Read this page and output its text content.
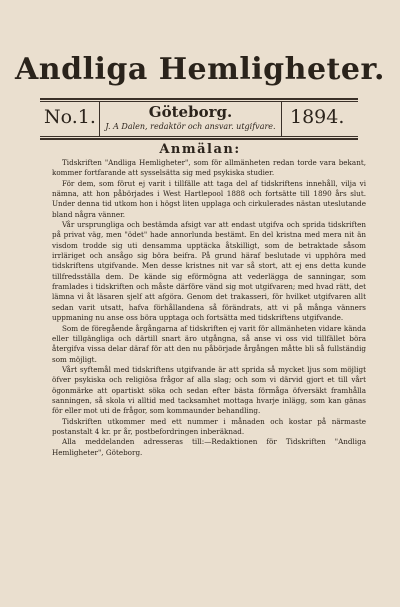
Andliga Hemligheter.
No.1.	Göteborg.
J. A Dalen, redaktör och ansvar. utgifvare. 1894.
Anmälan:

Tidskriften "Andliga Hemligheter", som för allmänheten redan torde vara bekant, kommer fortfarande att sysselsätta sig med psykiska studier.

För dem, som förut ej varit i tillfälle att taga del af tidskriftens innehåll, vilja vi nämna, att hon påbörjades i West Hartlepool 1888 och fortsätte till 1890 års slut. Under denna tid utkom hon i högst liten upplaga och cirkulerades nästan uteslutande bland några vänner.

Vår ursprungliga och bestämda afsigt var att endast utgifva och sprida tidskriften på privat väg, men "ödet" hade annorlunda bestämt. En del kristna med mera nit än visdom trodde sig uti densamma upptäcka åtskilligt, som de betraktade såsom irrläriget och ansågo sig böra beifra. På grund häraf beslutade vi upphöra med tidskriftens utgifvande. Men desse kristnes nit var så stort, att ej ens detta kunde tillfredsställa dem. De kände sig eförmögna att vederlägga de sanningar, som framlades i tidskriften och måste därföre vänd sig mot utgifvaren; med hvad rätt, det lämna vi åt läsaren sjelf att afgöra. Genom det trakasseri, för hvilket utgifvaren allt sedan varit utsatt, hafva förhållandena så förändrats, att vi på många vänners uppmaning nu anse oss böra upptaga och fortsätta med tidskriftens utgifvande.

Som de föregående årgångarna af tidskriften ej varit för allmänheten vidare kända eller tillgängliga och därtill snart äro utgångna, så anse vi oss vid tillfället böra återgifva vissa delar däraf för att den nu påbörjade årgången måtte bli så fullständig som möjligt.

Vårt syftemål med tidskriftens utgifvande är att sprida så mycket ljus som möjligt öfver psykiska och religiösa frågor af alla slag; och som vi därvid gjort et till vårt ögonmärke att opartiskt söka och sedan efter bästa förmåga öfversäkt framhålla sanningen, så skola vi alltid med tacksamhet mottaga hvarje inlägg, som kan gänas för eller mot uti de frågor, som kommaunder behandling.

Tidskriften utkommer med ett nummer i månaden och kostar på närmaste postanstalt 4 kr. pr år, postbefordringen inberäknad.

Alla meddelanden adresseras till:—Redaktionen för Tidskriften "Andliga Hemligheter", Göteborg.
